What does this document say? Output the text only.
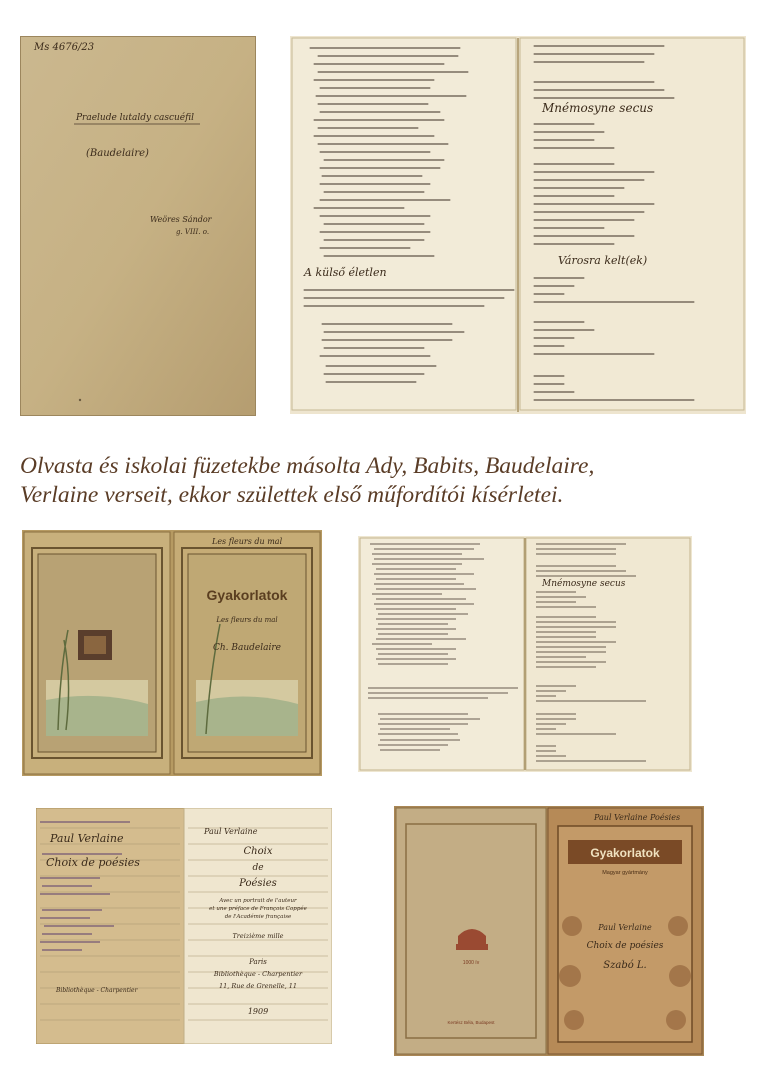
Ms 4676/23
Praelude lutaldy cascuéfil
(Baudelaire)
Weöres Sándor
g. VIII. o.
A külső életlen
Mnémosyne secus
Városra kelt(ek)
Olvasta és iskolai füzetekbe másolta Ady, Babits, Baudelaire,
Verlaine verseit, ekkor születtek első műfordítói kísérletei.
Les fleurs du mal
Gyakorlatok
Les fleurs du mal
Ch. Baudelaire
Mnémosyne secus
Paul Verlaine
Choix de poésies
Bibliothèque - Charpentier
Paul Verlaine
Choix
de
Poésies
Avec un portrait de l'auteur
et une préface de François Coppée
de l'Académie française
Treizième mille
Paris
Bibliothèque - Charpentier
11, Rue de Grenelle, 11
1909
Paul Verlaine Poésies
Gyakorlatok
Magyar gyártmány
Paul Verlaine
Choix de poésies
Szabó L.
1000 ív
Kertész Béla, Budapest
